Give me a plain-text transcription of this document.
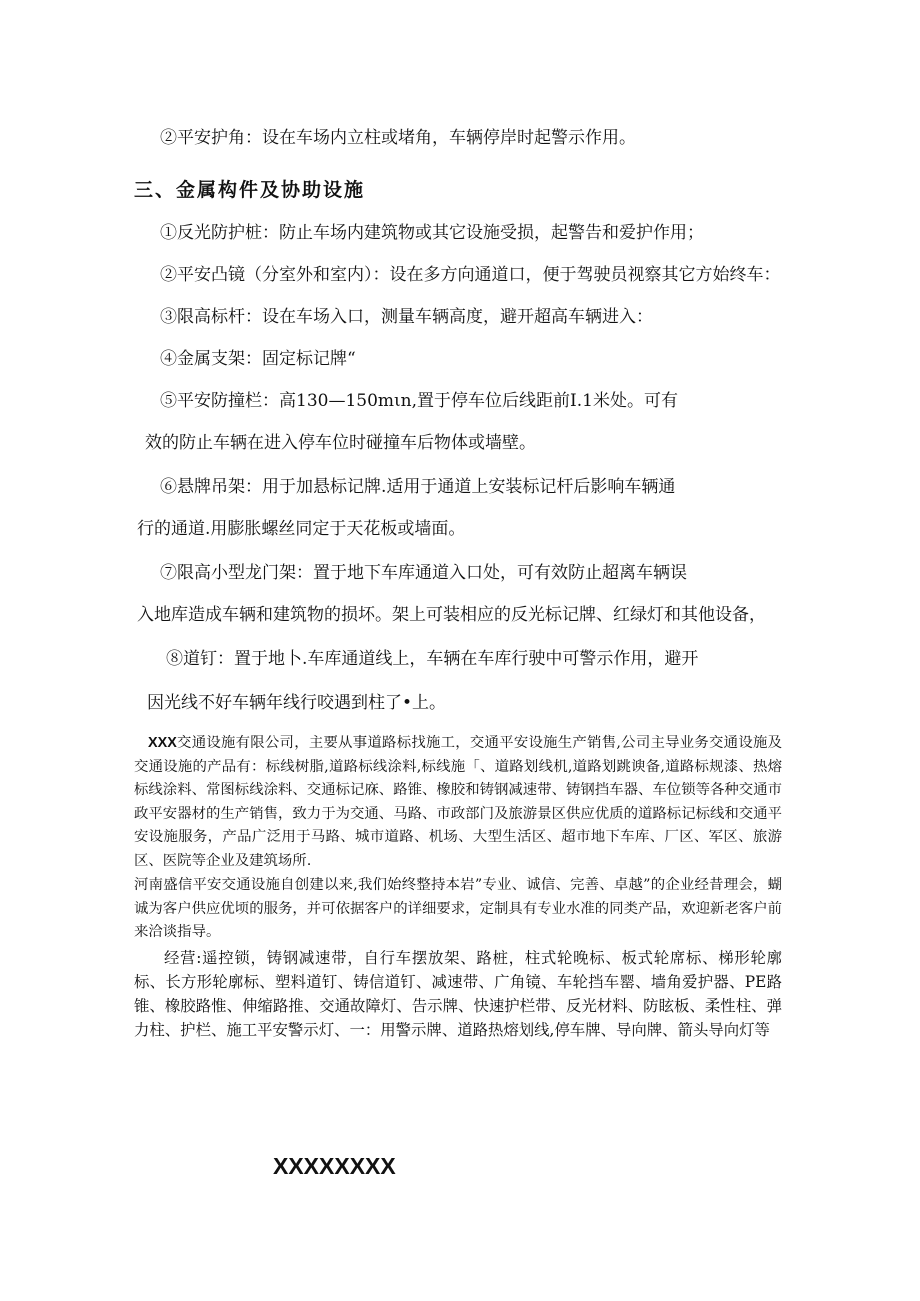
②平安护角：设在车场内立柱或堵角，车辆停岸时起警示作用。
三、金属构件及协助设施
①反光防护桩：防止车场内建筑物或其它设施受损，起警告和爱护作用；
②平安凸镜（分室外和室内）：设在多方向通道口，便于驾驶员视察其它方始终车：
③限高标杆：设在车场入口，测量车辆高度，避开超高车辆进入：
④金属支架：固定标记牌“
⑤平安防撞栏：高130—150mιn,置于停车位后线距前I.1米处。可有
效的防止车辆在进入停车位时碰撞车后物体或墙壁。
⑥悬牌吊架：用于加悬标记牌.适用于通道上安装标记杆后影响车辆通
行的通道.用膨胀螺丝同定于天花板或墙面。
⑦限高小型龙门架：置于地下车库通道入口处，可有效防止超离车辆误
入地库造成车辆和建筑物的损坏。架上可装相应的反光标记牌、红绿灯和其他设备，
⑧道钉：置于地卜.车库通道线上，车辆在车库行驶中可警示作用，避开
因光线不好车辆年线行咬遇到柱了•上。
XXX交通设施有限公司，主要从事道路标找施工，交通平安设施生产销售,公司主导业务交通设施及交通设施的产品有：标线树脂,道路标线涂料,标线施「、道路划线机,道路划跳谀备,道路标规漆、热熔标线涂料、常图标线涂料、交通标记庥、路锥、橡胶和铸钢减速带、铸钢挡车器、车位锁等各种交通市政平安器材的生产销售，致力于为交通、马路、市政部门及旅游景区供应优质的道路标记标线和交通平安设施服务，产品广泛用于马路、城市道路、机场、大型生活区、超市地下车库、厂区、军区、旅游区、医院等企业及建筑场所.
河南盛信平安交通设施自创建以来,我们始终整持本岩”专业、诚信、完善、卓越”的企业经昔理会，蝴诚为客户供应优顷的服务，并可依据客户的详细要求，定制具有专业水准的同类产品，欢迎新老客户前来洽谈指导。
经营:遥控锁，铸钢减速带，自行车摆放架、路桩，柱式轮晚标、板式轮席标、梯形轮廓标、长方形轮廓标、塑料道钉、铸信道钉、减速带、广角镜、车轮挡车罂、墙角爱护器、PE路锥、橡胶路惟、伸缩路推、交通故障灯、告示牌、快速护栏带、反光材料、防眩板、柔性柱、弹力柱、护栏、施工平安警示灯、一：用警示牌、道路热熔划线,停车牌、导向牌、箭头导向灯等
XXXXXXXX
